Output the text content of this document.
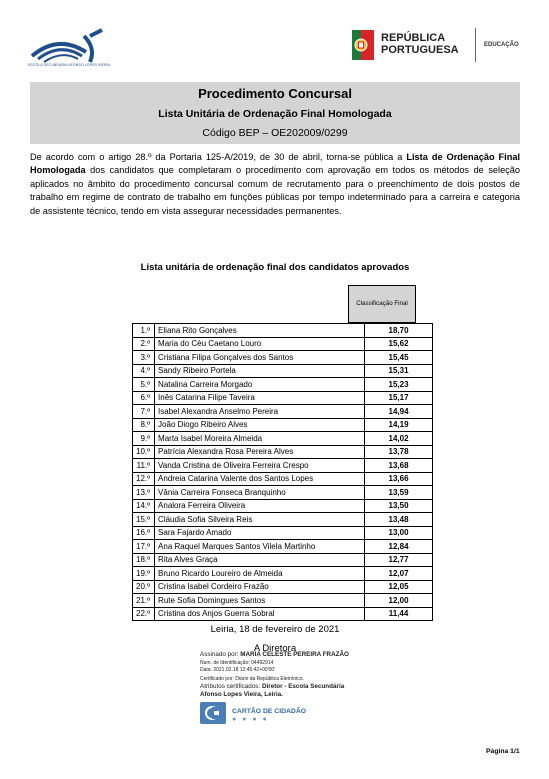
ESCOLA SECUNDÁRIA AFONSO LOPES VIEIRA
REPÚBLICA
PORTUGUESA	EDUCAÇÃO
Procedimento Concursal
Lista Unitária de Ordenação Final Homologada
Código BEP – OE202009/0299
De acordo com o artigo 28.º da Portaria 125-A/2019, de 30 de abril, torna-se pública a Lista de Ordenação Final Homologada dos candidatos que completaram o procedimento com aprovação em todos os métodos de seleção aplicados no âmbito do procedimento concursal comum de recrutamento para o preenchimento de dois postos de trabalho em regime de contrato de trabalho em funções públicas por tempo indeterminado para a carreira e categoria de assistente técnico, tendo em vista assegurar necessidades permanentes.
Lista unitária de ordenação final dos candidatos aprovados
Classificação Final
1.º	Eliana Rito Gonçalves	18,70
2.º	Maria do Céu Caetano Louro	15,62
3.º	Cristiana Filipa Gonçalves dos Santos	15,45
4.º	Sandy Ribeiro Portela	15,31
5.º	Natalina Carreira Morgado	15,23
6.º	Inês Catarina Filipe Taveira	15,17
7.º	Isabel Alexandra Anselmo Pereira	14,94
8.º	João Diogo Ribeiro Alves	14,19
9.º	Marta Isabel Moreira Almeida	14,02
10.º	Patrícia Alexandra Rosa Pereira Alves	13,78
11.º	Vanda Cristina de Oliveira Ferreira Crespo	13,68
12.º	Andreia Catarina Valente dos Santos Lopes	13,66
13.º	Vânia Carreira Fonseca Branquinho	13,59
14.º	Analora Ferreira Oliveira	13,50
15.º	Cláudia Sofia Silveira Reis	13,48
16.º	Sara Fajardo Amado	13,00
17.º	Ana Raquel Marques Santos Vilela Martinho	12,84
18.º	Rita Alves Graça	12,77
19.º	Bruno Ricardo Loureiro de Almeida	12,07
20.º	Cristina Isabel Cordeiro Frazão	12,05
21.º	Rute Sofia Domingues Santos	12,00
22.º	Cristina dos Anjos Guerra Sobral	11,44
Leiria, 18 de fevereiro de 2021
A Diretora
Assinado por: MARIA CELESTE PEREIRA FRAZÃO
Num. de Identificação: 04492914
Data: 2021.02.18 12:45:42+00'00'
Certificado por: Diário da República Eletrónico.
Atributos certificados: Diretor - Escola Secundária
Afonso Lopes Vieira, Leiria.
CARTÃO DE CIDADÃO
● ● ● ●
Página 1/1
